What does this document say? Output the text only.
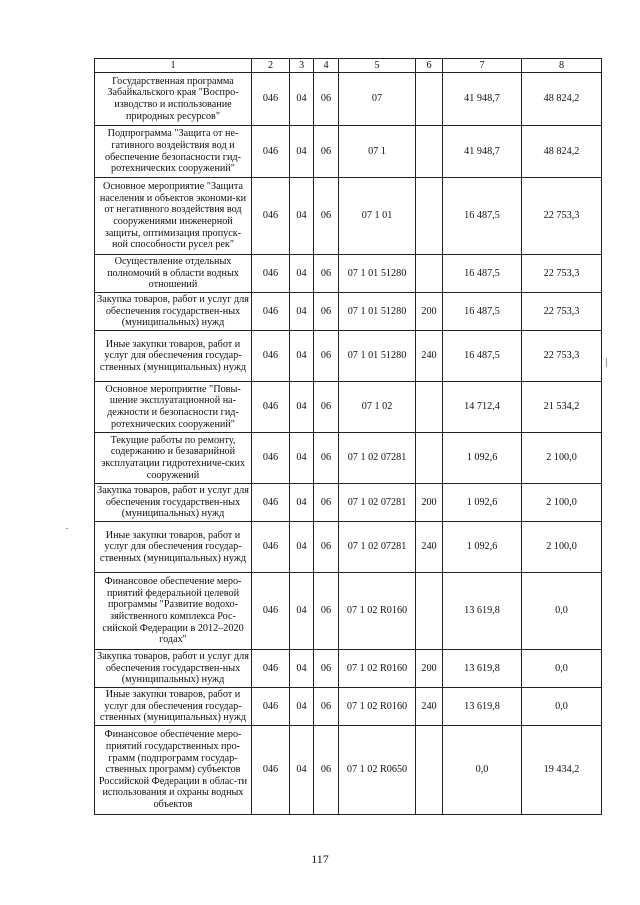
1	2	3	4	5	6	7	8
Государственная программа Забайкальского края "Воспро-изводство и использование природных ресурсов"	046	04	06	07		41 948,7	48 824,2
Подпрограмма "Защита от не-гативного воздействия вод и обеспечение безопасности гид-ротехнических сооружений"	046	04	06	07 1		41 948,7	48 824,2
Основное мероприятие "Защита населения и объектов экономи-ки от негативного воздействия вод сооружениями инженерной защиты, оптимизация пропуск-ной способности русел рек"	046	04	06	07 1 01		16 487,5	22 753,3
Осуществление отдельных полномочий в области водных отношений	046	04	06	07 1 01 51280		16 487,5	22 753,3
Закупка товаров, работ и услуг для обеспечения государствен-ных (муниципальных) нужд	046	04	06	07 1 01 51280	200	16 487,5	22 753,3
Иные закупки товаров, работ и услуг для обеспечения государ-ственных (муниципальных) нужд	046	04	06	07 1 01 51280	240	16 487,5	22 753,3
Основное мероприятие "Повы-шение эксплуатационной на-дежности и безопасности гид-ротехнических сооружений"	046	04	06	07 1 02		14 712,4	21 534,2
Текущие работы по ремонту, содержанию и безаварийной эксплуатации гидротехниче-ских сооружений	046	04	06	07 1 02 07281		1 092,6	2 100,0
Закупка товаров, работ и услуг для обеспечения государствен-ных (муниципальных) нужд	046	04	06	07 1 02 07281	200	1 092,6	2 100,0
Иные закупки товаров, работ и услуг для обеспечения государ-ственных (муниципальных) нужд	046	04	06	07 1 02 07281	240	1 092,6	2 100,0
Финансовое обеспечение меро-приятий федеральной целевой программы "Развитие водохо-зяйственного комплекса Рос-сийской Федерации в 2012–2020 годах"	046	04	06	07 1 02 R0160		13 619,8	0,0
Закупка товаров, работ и услуг для обеспечения государствен-ных (муниципальных) нужд	046	04	06	07 1 02 R0160	200	13 619,8	0,0
Иные закупки товаров, работ и услуг для обеспечения государ-ственных (муниципальных) нужд	046	04	06	07 1 02 R0160	240	13 619,8	0,0
Финансовое обеспечение меро-приятий государственных про-грамм (подпрограмм государ-ственных программ) субъектов Российской Федерации в облас-ти использования и охраны водных объектов	046	04	06	07 1 02 R0650		0,0	19 434,2
117
